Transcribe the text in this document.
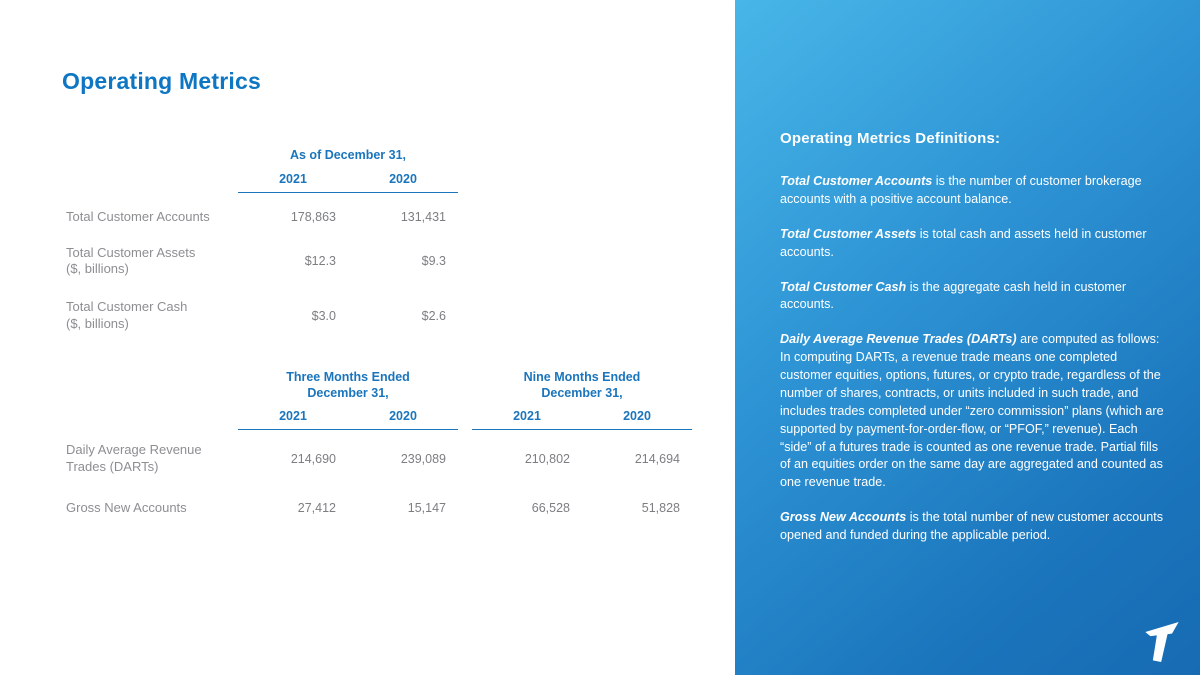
Operating Metrics
As of December 31,
2021	2020
Total Customer Accounts	178,863	131,431
Total Customer Assets
($, billions)	$12.3	$9.3
Total Customer Cash
($, billions)	$3.0	$2.6
Three Months Ended
December 31,
Nine Months Ended
December 31,
2021	2020	2021	2020
Daily Average Revenue Trades (DARTs)	214,690	239,089	210,802	214,694
Gross New Accounts	27,412	15,147	66,528	51,828
Operating Metrics Definitions:

Total Customer Accounts is the number of customer brokerage accounts with a positive account balance.

Total Customer Assets is total cash and assets held in customer accounts.

Total Customer Cash is the aggregate cash held in customer accounts.

Daily Average Revenue Trades (DARTs) are computed as follows: In computing DARTs, a revenue trade means one completed customer equities, options, futures, or crypto trade, regardless of the number of shares, contracts, or units included in such trade, and includes trades completed under “zero commission” plans (which are supported by payment-for-order-flow, or “PFOF,” revenue). Each “side” of a futures trade is counted as one revenue trade. Partial fills of an equities order on the same day are aggregated and counted as one revenue trade.

Gross New Accounts is the total number of new customer accounts opened and funded during the applicable period.
